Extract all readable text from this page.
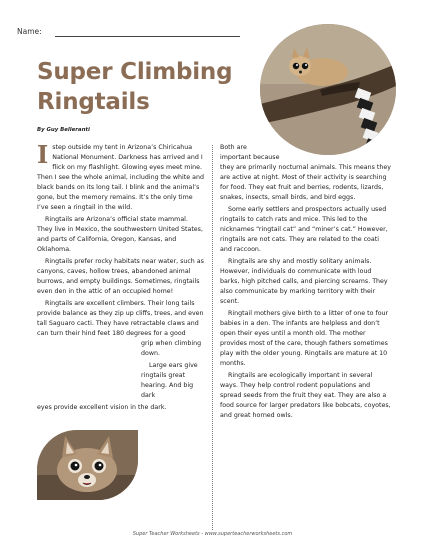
Name:
Super Climbing
Ringtails
By Guy Belleranti

Istep outside my tent in Arizona’s Chiricahua National Monument. Darkness has arrived and I flick on my flashlight. Glowing eyes meet mine. Then I see the whole animal, including the white and black bands on its long tail. I blink and the animal’s gone, but the memory remains. It’s the only time I’ve seen a ringtail in the wild.

Ringtails are Arizona’s official state mammal. They live in Mexico, the southwestern United States, and parts of California, Oregon, Kansas, and Oklahoma.

Ringtails prefer rocky habitats near water, such as canyons, caves, hollow trees, abandoned animal burrows, and empty buildings. Sometimes, ringtails even den in the attic of an occupied home!

Ringtails are excellent climbers. Their long tails provide balance as they zip up cliffs, trees, and even tall Saguaro cacti. They have retractable claws and can turn their hind feet 180 degrees for a good

grip when climbing down.

Large ears give ringtails great hearing. And big dark

eyes provide excellent vision in the dark.

Both are

important because

they are primarily nocturnal animals. This means they are active at night. Most of their activity is searching for food. They eat fruit and berries, rodents, lizards, snakes, insects, small birds, and bird eggs.

Some early settlers and prospectors actually used ringtails to catch rats and mice. This led to the nicknames “ringtail cat” and “miner’s cat.” However, ringtails are not cats. They are related to the coati and raccoon.

Ringtails are shy and mostly solitary animals. However, individuals do communicate with loud barks, high pitched calls, and piercing screams. They also communicate by marking territory with their scent.

Ringtail mothers give birth to a litter of one to four babies in a den. The infants are helpless and don’t open their eyes until a month old. The mother provides most of the care, though fathers sometimes play with the older young. Ringtails are mature at 10 months.

Ringtails are ecologically important in several ways. They help control rodent populations and spread seeds from the fruit they eat. They are also a food source for larger predators like bobcats, coyotes, and great horned owls.

Super Teacher Worksheets - www.superteacherworksheets.com
